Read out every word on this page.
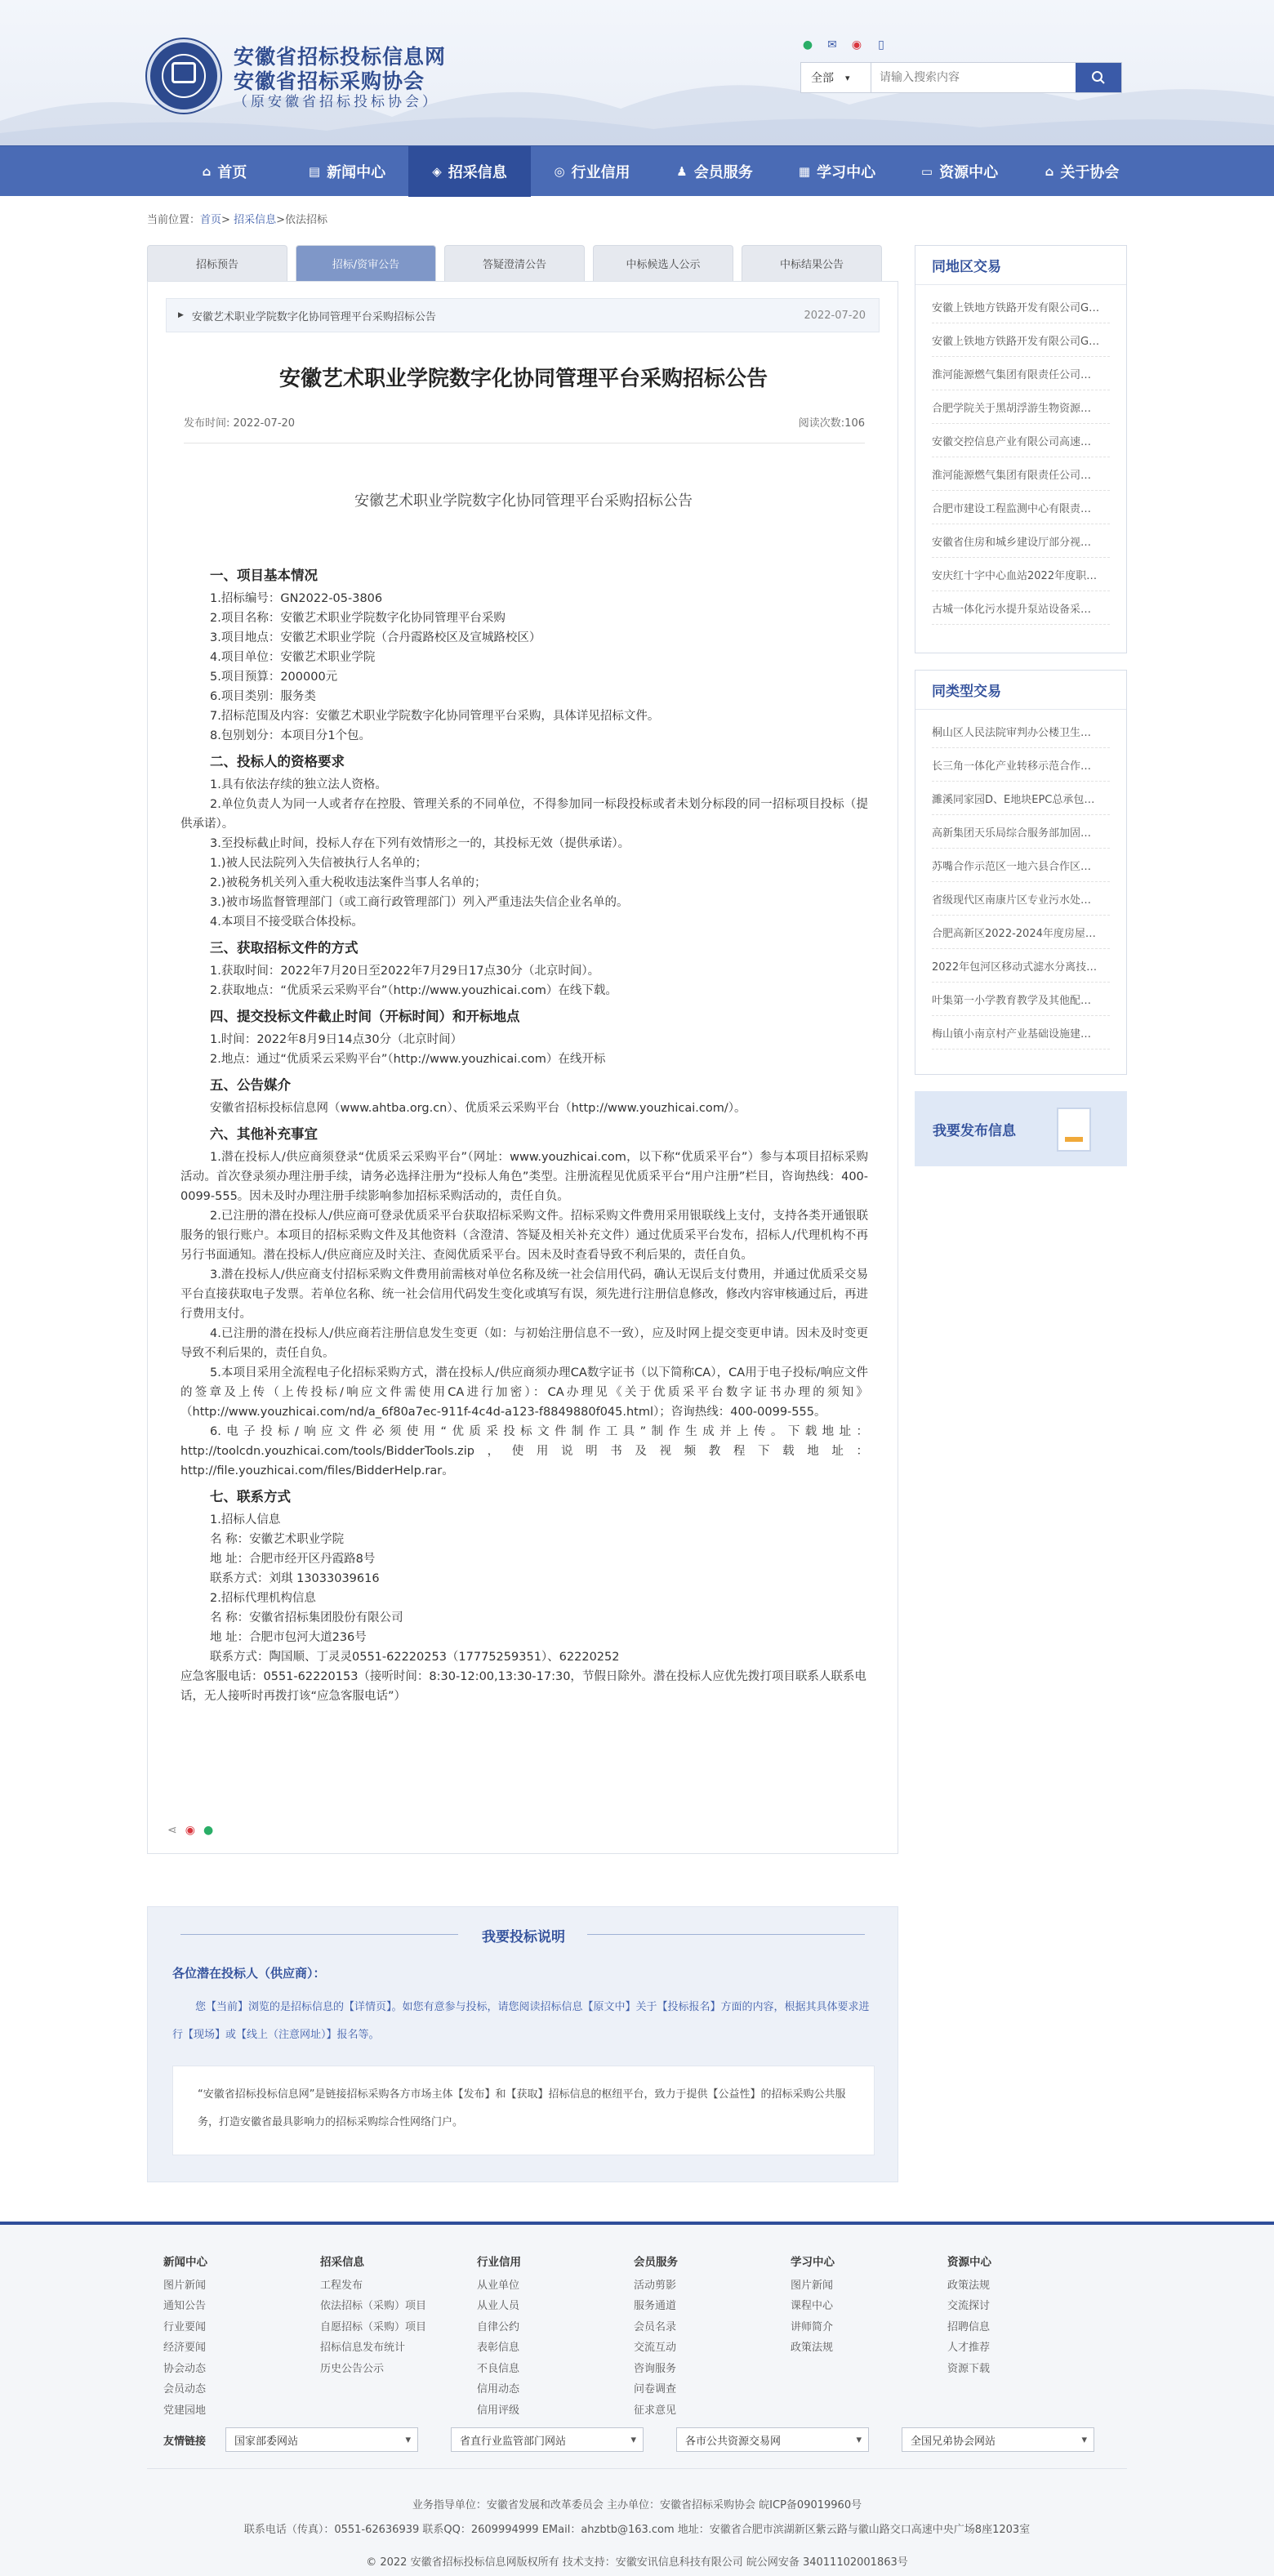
安徽省招标投标信息网
安徽省招标采购协会
（原安徽省招标投标协会）
● ✉ ◉	▯
全部 ▾
请输入搜索内容
⌂ 首页	▤ 新闻中心	◈ 招采信息	◎ 行业信用	♟ 会员服务	▦ 学习中心	▭ 资源中心	⌂ 关于协会
当前位置：首页> 招采信息>依法招标
招标预告	招标/资审公告	答疑澄清公告	中标候选人公示	中标结果公告
▶ 安徽艺术职业学院数字化协同管理平台采购招标公告	2022-07-20
安徽艺术职业学院数字化协同管理平台采购招标公告
发布时间: 2022-07-20	阅读次数:106
安徽艺术职业学院数字化协同管理平台采购招标公告
一、项目基本情况

1.招标编号：GN2022-05-3806

2.项目名称：安徽艺术职业学院数字化协同管理平台采购

3.项目地点：安徽艺术职业学院（合丹霞路校区及宣城路校区）

4.项目单位：安徽艺术职业学院

5.项目预算：200000元

6.项目类别：服务类

7.招标范围及内容：安徽艺术职业学院数字化协同管理平台采购，具体详见招标文件。

8.包别划分：本项目分1个包。

二、投标人的资格要求

1.具有依法存续的独立法人资格。

2.单位负责人为同一人或者存在控股、管理关系的不同单位，不得参加同一标段投标或者未划分标段的同一招标项目投标（提供承诺）。

3.至投标截止时间，投标人存在下列有效情形之一的，其投标无效（提供承诺）。

1.)被人民法院列入失信被执行人名单的；

2.)被税务机关列入重大税收违法案件当事人名单的；

3.)被市场监督管理部门（或工商行政管理部门）列入严重违法失信企业名单的。

4.本项目不接受联合体投标。

三、获取招标文件的方式

1.获取时间：2022年7月20日至2022年7月29日17点30分（北京时间）。

2.获取地点：“优质采云采购平台”（http://www.youzhicai.com）在线下载。

四、提交投标文件截止时间（开标时间）和开标地点

1.时间：2022年8月9日14点30分（北京时间）

2.地点：通过“优质采云采购平台”（http://www.youzhicai.com）在线开标

五、公告媒介

安徽省招标投标信息网（www.ahtba.org.cn）、优质采云采购平台（http://www.youzhicai.com/）。

六、其他补充事宜

1.潜在投标人/供应商须登录“优质采云采购平台”（网址：www.youzhicai.com，以下称“优质采平台”）参与本项目招标采购活动。首次登录须办理注册手续，请务必选择注册为“投标人角色”类型。注册流程见优质采平台“用户注册”栏目，咨询热线：400-0099-555。因未及时办理注册手续影响参加招标采购活动的，责任自负。

2.已注册的潜在投标人/供应商可登录优质采平台获取招标采购文件。招标采购文件费用采用银联线上支付，支持各类开通银联服务的银行账户。本项目的招标采购文件及其他资料（含澄清、答疑及相关补充文件）通过优质采平台发布，招标人/代理机构不再另行书面通知。潜在投标人/供应商应及时关注、查阅优质采平台。因未及时查看导致不利后果的，责任自负。

3.潜在投标人/供应商支付招标采购文件费用前需核对单位名称及统一社会信用代码，确认无误后支付费用，并通过优质采交易平台直接获取电子发票。若单位名称、统一社会信用代码发生变化或填写有误，须先进行注册信息修改，修改内容审核通过后，再进行费用支付。

4.已注册的潜在投标人/供应商若注册信息发生变更（如：与初始注册信息不一致），应及时网上提交变更申请。因未及时变更导致不利后果的，责任自负。

5.本项目采用全流程电子化招标采购方式，潜在投标人/供应商须办理CA数字证书（以下简称CA），CA用于电子投标/响应文件的签章及上传（上传投标/响应文件需使用CA进行加密）：CA办理见《关于优质采平台数字证书办理的须知》（http://www.youzhicai.com/nd/a_6f80a7ec-911f-4c4d-a123-f8849880f045.html）；咨询热线：400-0099-555。

6.电子投标/响应文件必须使用“优质采投标文件制作工具”制作生成并上传。下载地址：http://toolcdn.youzhicai.com/tools/BidderTools.zip，使用说明书及视频教程下载地址：http://file.youzhicai.com/files/BidderHelp.rar。

七、联系方式

1.招标人信息

名 称：安徽艺术职业学院

地 址：合肥市经开区丹霞路8号

联系方式：刘琪 13033039616

2.招标代理机构信息

名 称：安徽省招标集团股份有限公司

地 址：合肥市包河大道236号

联系方式：陶国顺、丁灵灵0551-62220253（17775259351）、62220252

应急客服电话：0551-62220153（接听时间：8:30-12:00,13:30-17:30，节假日除外。潜在投标人应优先拨打项目联系人联系电话，无人接听时再拨打该“应急客服电话”）

⋖ ◉ ●
我要投标说明
各位潜在投标人（供应商）：
您【当前】浏览的是招标信息的【详情页】。如您有意参与投标，请您阅读招标信息【原文中】关于【投标报名】方面的内容，根据其具体要求进行【现场】或【线上（注意网址）】报名等。
“安徽省招标投标信息网”是链接招标采购各方市场主体【发布】和【获取】招标信息的枢纽平台，致力于提供【公益性】的招标采购公共服务，打造安徽省最具影响力的招标采购综合性网络门户。
同地区交易
安徽上铁地方铁路开发有限公司G…
安徽上铁地方铁路开发有限公司G…
淮河能源燃气集团有限责任公司…
合肥学院关于黑胡浮游生物资源…
安徽交控信息产业有限公司高速…
淮河能源燃气集团有限责任公司…
合肥市建设工程监测中心有限责…
安徽省住房和城乡建设厅部分视…
安庆红十字中心血站2022年度职…
古城一体化污水提升泵站设备采…
同类型交易
桐山区人民法院审判办公楼卫生…
长三角一体化产业转移示范合作…
濉溪同家园D、E地块EPC总承包…
高新集团天乐局综合服务部加固…
苏嘴合作示范区一地六县合作区…
省级现代区南康片区专业污水处…
合肥高新区2022-2024年度房屋…
2022年包河区移动式滤水分离技…
叶集第一小学教育教学及其他配…
梅山镇小南京村产业基础设施建…
我要发布信息
新闻中心
图片新闻
通知公告
行业要闻
经济要闻
协会动态
会员动态
党建园地
招采信息
工程发布
依法招标（采购）项目
自愿招标（采购）项目
招标信息发布统计
历史公告公示
行业信用
从业单位
从业人员
自律公约
表彰信息
不良信息
信用动态
信用评级
会员服务
活动剪影
服务通道
会员名录
交流互动
咨询服务
问卷调查
征求意见
学习中心
图片新闻
课程中心
讲师简介
政策法规
资源中心
政策法规
交流探讨
招聘信息
人才推荐
资源下载
友情链接	国家部委网站 ▾	省直行业监管部门网站 ▾	各市公共资源交易网 ▾	全国兄弟协会网站 ▾
业务指导单位：安徽省发展和改革委员会 主办单位：安徽省招标采购协会 皖ICP备09019960号
联系电话（传真）：0551-62636939 联系QQ：2609994999 EMail：ahzbtb@163.com 地址：安徽省合肥市滨湖新区紫云路与徽山路交口高速中央广场8座1203室
© 2022 安徽省招标投标信息网版权所有 技术支持：安徽安讯信息科技有限公司 皖公网安备 34011102001863号
